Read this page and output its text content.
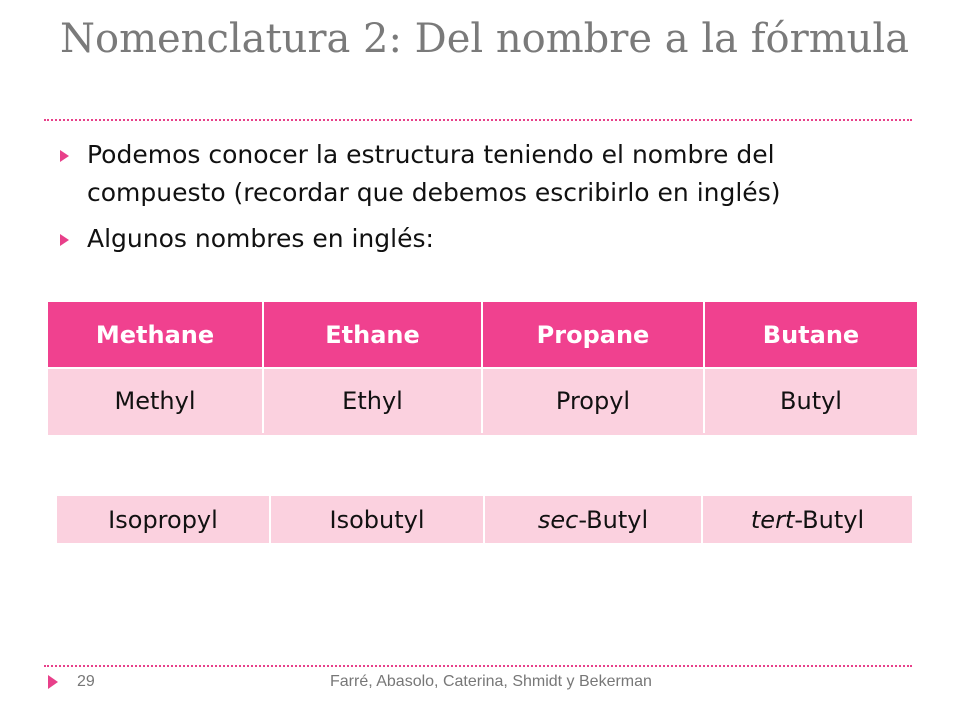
Nomenclatura 2: Del nombre a la fórmula
Podemos conocer la estructura teniendo el nombre del compuesto (recordar que debemos escribirlo en inglés)
Algunos nombres en inglés:
Methane	Ethane	Propane	Butane
Methyl	Ethyl	Propyl	Butyl
Isopropyl	Isobutyl	sec -Butyl	tert -Butyl
29	Farré, Abasolo, Caterina, Shmidt y Bekerman
